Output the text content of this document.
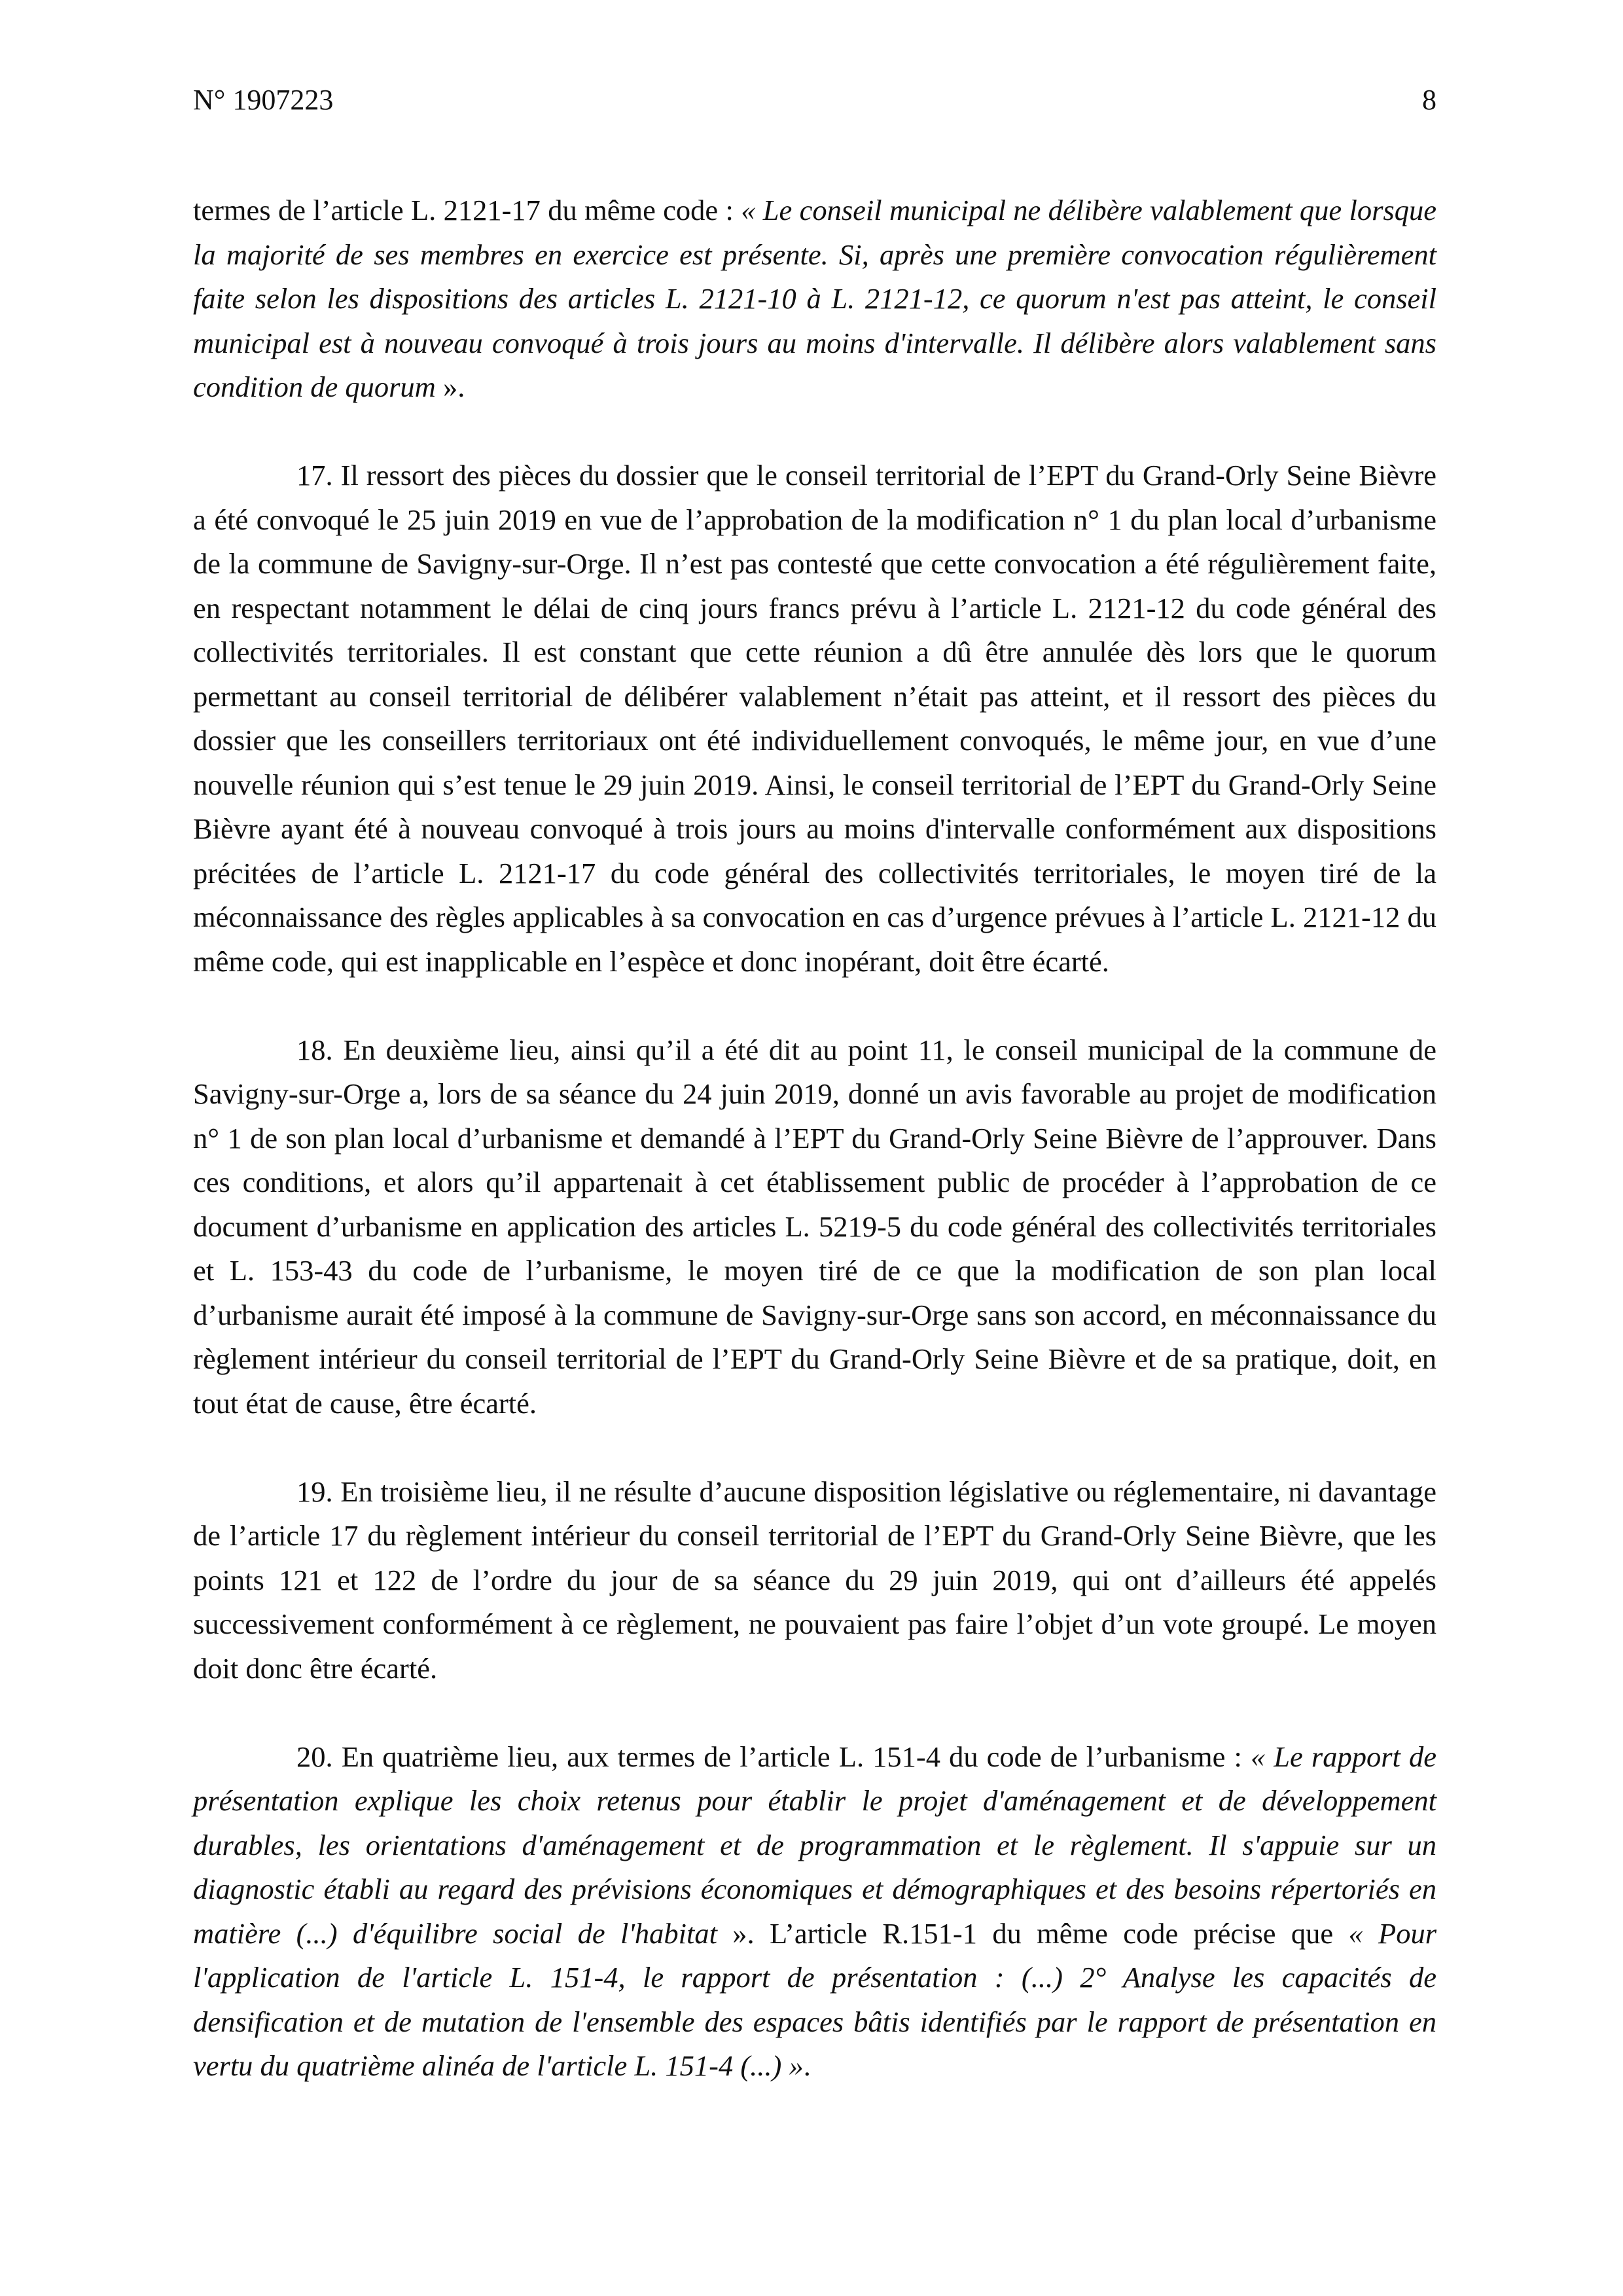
N° 1907223	8

termes de l’article L. 2121-17 du même code : « Le conseil municipal ne délibère valablement que lorsque la majorité de ses membres en exercice est présente. Si, après une première convocation régulièrement faite selon les dispositions des articles L. 2121-10 à L. 2121-12, ce quorum n'est pas atteint, le conseil municipal est à nouveau convoqué à trois jours au moins d'intervalle. Il délibère alors valablement sans condition de quorum ».

17. Il ressort des pièces du dossier que le conseil territorial de l’EPT du Grand-Orly Seine Bièvre a été convoqué le 25 juin 2019 en vue de l’approbation de la modification n° 1 du plan local d’urbanisme de la commune de Savigny-sur-Orge. Il n’est pas contesté que cette convocation a été régulièrement faite, en respectant notamment le délai de cinq jours francs prévu à l’article L. 2121-12 du code général des collectivités territoriales. Il est constant que cette réunion a dû être annulée dès lors que le quorum permettant au conseil territorial de délibérer valablement n’était pas atteint, et il ressort des pièces du dossier que les conseillers territoriaux ont été individuellement convoqués, le même jour, en vue d’une nouvelle réunion qui s’est tenue le 29 juin 2019. Ainsi, le conseil territorial de l’EPT du Grand-Orly Seine Bièvre ayant été à nouveau convoqué à trois jours au moins d'intervalle conformément aux dispositions précitées de l’article L. 2121-17 du code général des collectivités territoriales, le moyen tiré de la méconnaissance des règles applicables à sa convocation en cas d’urgence prévues à l’article L. 2121-12 du même code, qui est inapplicable en l’espèce et donc inopérant, doit être écarté.

18. En deuxième lieu, ainsi qu’il a été dit au point 11, le conseil municipal de la commune de Savigny-sur-Orge a, lors de sa séance du 24 juin 2019, donné un avis favorable au projet de modification n° 1 de son plan local d’urbanisme et demandé à l’EPT du Grand-Orly Seine Bièvre de l’approuver. Dans ces conditions, et alors qu’il appartenait à cet établissement public de procéder à l’approbation de ce document d’urbanisme en application des articles L. 5219-5 du code général des collectivités territoriales et L. 153-43 du code de l’urbanisme, le moyen tiré de ce que la modification de son plan local d’urbanisme aurait été imposé à la commune de Savigny-sur-Orge sans son accord, en méconnaissance du règlement intérieur du conseil territorial de l’EPT du Grand-Orly Seine Bièvre et de sa pratique, doit, en tout état de cause, être écarté.

19. En troisième lieu, il ne résulte d’aucune disposition législative ou réglementaire, ni davantage de l’article 17 du règlement intérieur du conseil territorial de l’EPT du Grand-Orly Seine Bièvre, que les points 121 et 122 de l’ordre du jour de sa séance du 29 juin 2019, qui ont d’ailleurs été appelés successivement conformément à ce règlement, ne pouvaient pas faire l’objet d’un vote groupé. Le moyen doit donc être écarté.

20. En quatrième lieu, aux termes de l’article L. 151-4 du code de l’urbanisme : « Le rapport de présentation explique les choix retenus pour établir le projet d'aménagement et de développement durables, les orientations d'aménagement et de programmation et le règlement. Il s'appuie sur un diagnostic établi au regard des prévisions économiques et démographiques et des besoins répertoriés en matière (...) d'équilibre social de l'habitat ». L’article R.151-1 du même code précise que « Pour l'application de l'article L. 151-4, le rapport de présentation : (...) 2° Analyse les capacités de densification et de mutation de l'ensemble des espaces bâtis identifiés par le rapport de présentation en vertu du quatrième alinéa de l'article L. 151-4 (...) ».
